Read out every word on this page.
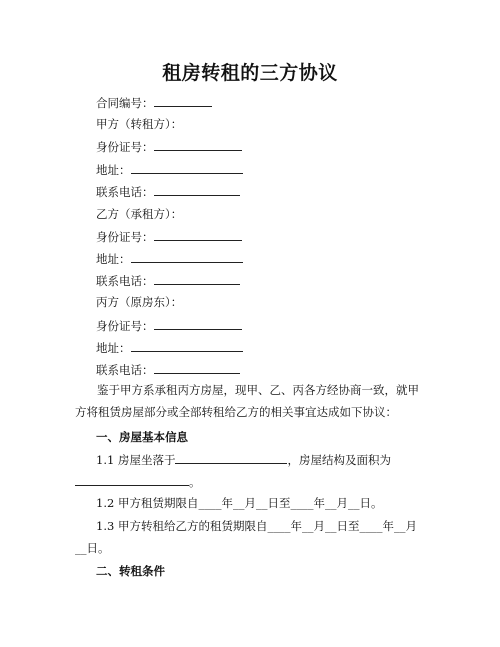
租房转租的三方协议
合同编号：
甲方（转租方）：
身份证号：
地址：
联系电话：
乙方（承租方）：
身份证号：
地址：
联系电话：
丙方（原房东）：
身份证号：
地址：
联系电话：
鉴于甲方系承租丙方房屋，现甲、乙、丙各方经协商一致，就甲方将租赁房屋部分或全部转租给乙方的相关事宜达成如下协议：
一、房屋基本信息
1.1 房屋坐落于	，房屋结构及面积为
。
1.2 甲方租赁期限自____年__月__日至____年__月__日。
1.3 甲方转租给乙方的租赁期限自____年__月__日至____年__月
__日。
二、转租条件
